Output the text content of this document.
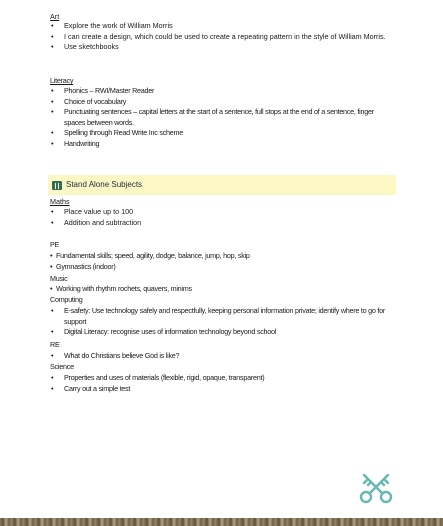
Art
• Explore the work of William Morris
• I can create a design, which could be used to create a repeating pattern in the style of William Morris.
• Use sketchbooks
Literacy
• Phonics – RWI/Master Reader
• Choice of vocabulary
• Punctuating sentences – capital letters at the start of a sentence, full stops at the end of a sentence, finger spaces between words.
• Spelling through Read Write Inc scheme
• Handwriting
Stand Alone Subjects
Maths
• Place value up to 100
• Addition and subtraction
PE
• Fundamental skills; speed, agility, dodge, balance, jump, hop, skip
• Gymnastics (indoor)
Music
• Working with rhythm rochets, quavers, minims
Computing
• E-safety: Use technology safely and respectfully, keeping personal information private; identify where to go for support
• Digital Literacy: recognise uses of information technology beyond school
RE
• What do Christians believe God is like?
Science
• Properties and uses of materials (flexible, rigid, opaque, transparent)
• Carry out a simple test
